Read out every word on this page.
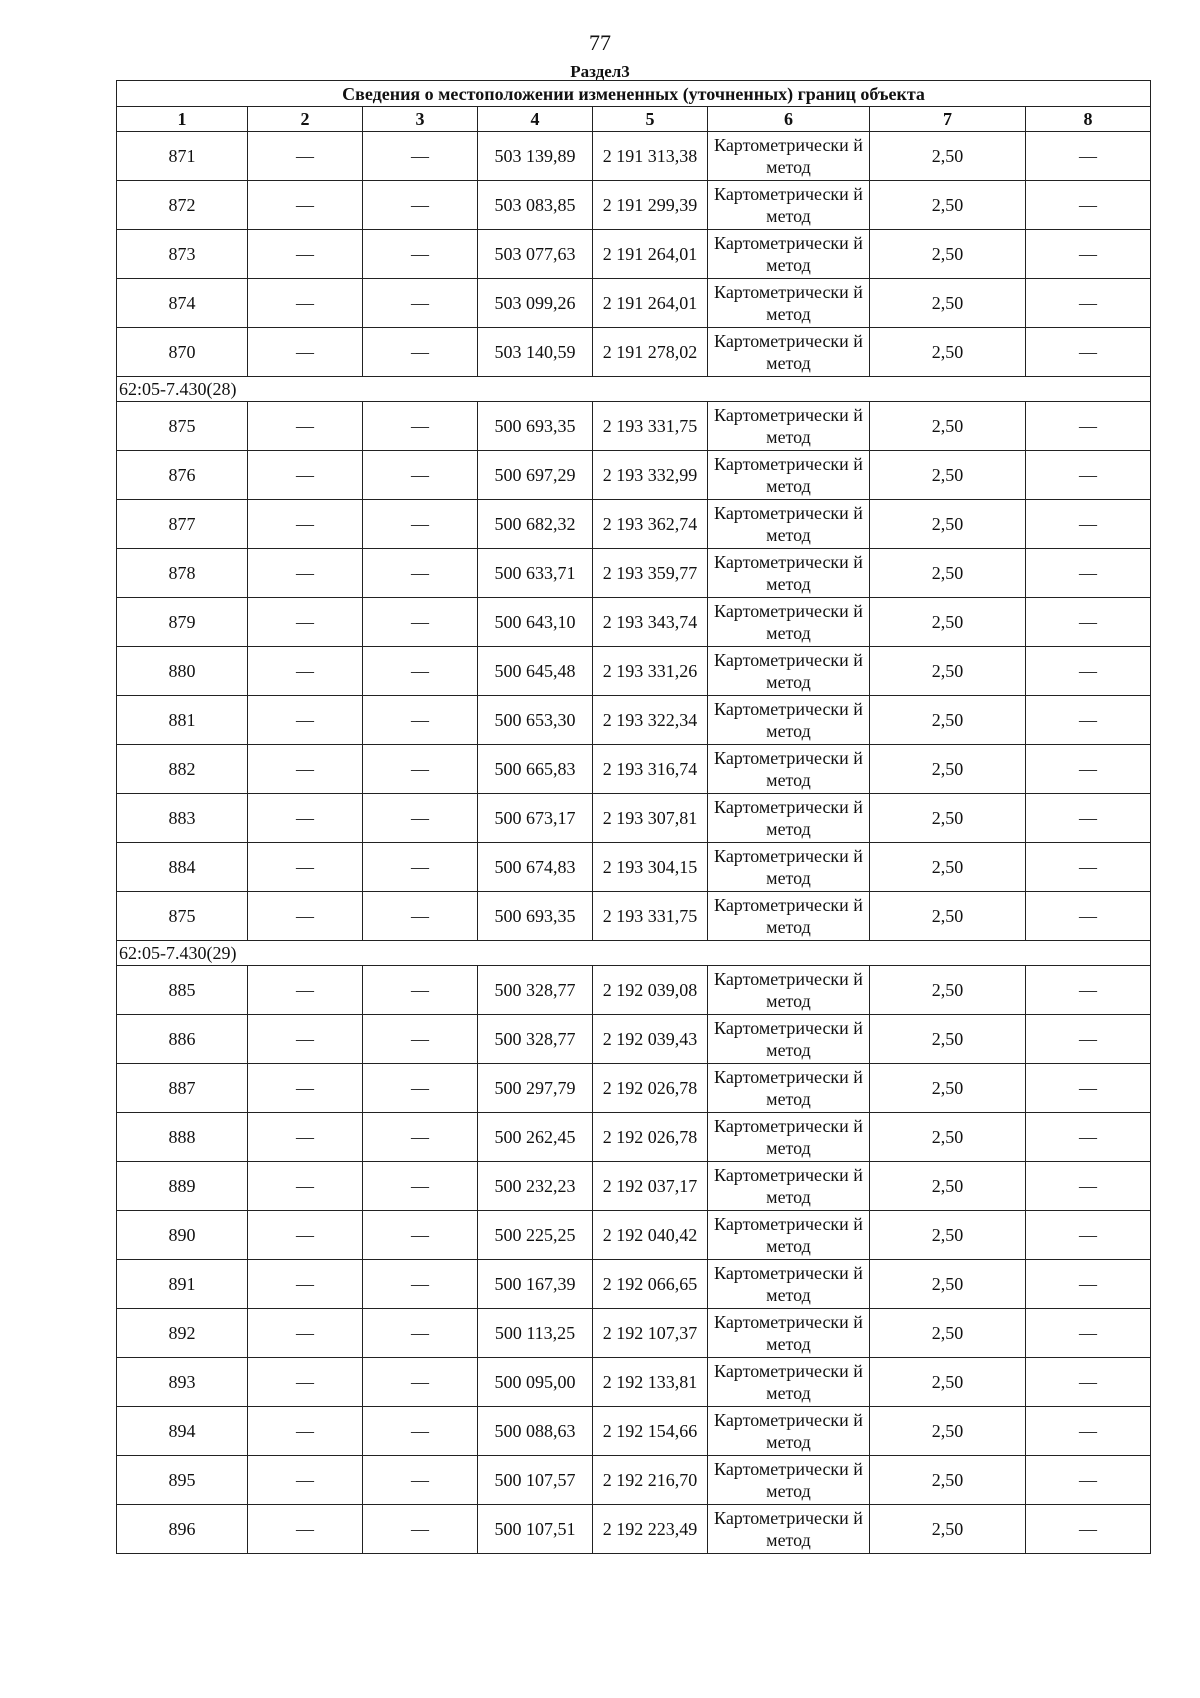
77
Раздел3
Сведения о местоположении измененных (уточненных) границ объекта							
1	2	3	4	5	6	7	8
871	—	—	503 139,89	2 191 313,38	Картометрически й метод	2,50	—
872	—	—	503 083,85	2 191 299,39	Картометрически й метод	2,50	—
873	—	—	503 077,63	2 191 264,01	Картометрически й метод	2,50	—
874	—	—	503 099,26	2 191 264,01	Картометрически й метод	2,50	—
870	—	—	503 140,59	2 191 278,02	Картометрически й метод	2,50	—
62:05-7.430(28)							
875	—	—	500 693,35	2 193 331,75	Картометрически й метод	2,50	—
876	—	—	500 697,29	2 193 332,99	Картометрически й метод	2,50	—
877	—	—	500 682,32	2 193 362,74	Картометрически й метод	2,50	—
878	—	—	500 633,71	2 193 359,77	Картометрически й метод	2,50	—
879	—	—	500 643,10	2 193 343,74	Картометрически й метод	2,50	—
880	—	—	500 645,48	2 193 331,26	Картометрически й метод	2,50	—
881	—	—	500 653,30	2 193 322,34	Картометрически й метод	2,50	—
882	—	—	500 665,83	2 193 316,74	Картометрически й метод	2,50	—
883	—	—	500 673,17	2 193 307,81	Картометрически й метод	2,50	—
884	—	—	500 674,83	2 193 304,15	Картометрически й метод	2,50	—
875	—	—	500 693,35	2 193 331,75	Картометрически й метод	2,50	—
62:05-7.430(29)							
885	—	—	500 328,77	2 192 039,08	Картометрически й метод	2,50	—
886	—	—	500 328,77	2 192 039,43	Картометрически й метод	2,50	—
887	—	—	500 297,79	2 192 026,78	Картометрически й метод	2,50	—
888	—	—	500 262,45	2 192 026,78	Картометрически й метод	2,50	—
889	—	—	500 232,23	2 192 037,17	Картометрически й метод	2,50	—
890	—	—	500 225,25	2 192 040,42	Картометрически й метод	2,50	—
891	—	—	500 167,39	2 192 066,65	Картометрически й метод	2,50	—
892	—	—	500 113,25	2 192 107,37	Картометрически й метод	2,50	—
893	—	—	500 095,00	2 192 133,81	Картометрически й метод	2,50	—
894	—	—	500 088,63	2 192 154,66	Картометрически й метод	2,50	—
895	—	—	500 107,57	2 192 216,70	Картометрически й метод	2,50	—
896	—	—	500 107,51	2 192 223,49	Картометрически й метод	2,50	—
